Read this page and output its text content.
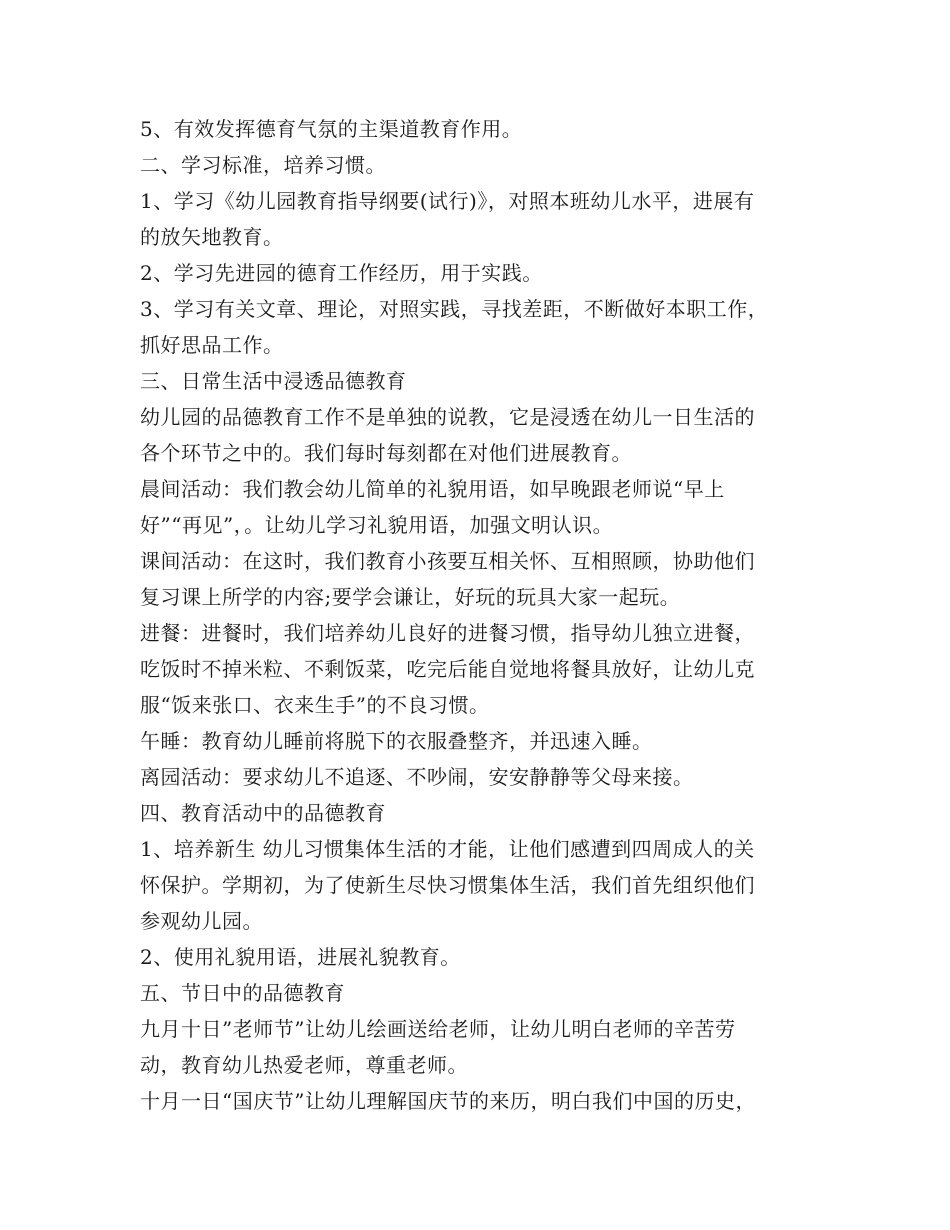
5、有效发挥德育气氛的主渠道教育作用。
二、学习标准，培养习惯。
1、学习《幼儿园教育指导纲要(试行)》，对照本班幼儿水平，进展有
的放矢地教育。
2、学习先进园的德育工作经历，用于实践。
3、学习有关文章、理论，对照实践，寻找差距，不断做好本职工作，
抓好思品工作。
三、日常生活中浸透品德教育
幼儿园的品德教育工作不是单独的说教，它是浸透在幼儿一日生活的
各个环节之中的。我们每时每刻都在对他们进展教育。
晨间活动：我们教会幼儿简单的礼貌用语，如早晚跟老师说“早上
好”“再见”，。让幼儿学习礼貌用语，加强文明认识。
课间活动：在这时，我们教育小孩要互相关怀、互相照顾，协助他们
复习课上所学的内容;要学会谦让，好玩的玩具大家一起玩。
进餐：进餐时，我们培养幼儿良好的进餐习惯，指导幼儿独立进餐，
吃饭时不掉米粒、不剩饭菜，吃完后能自觉地将餐具放好，让幼儿克
服“饭来张口、衣来生手”的不良习惯。
午睡：教育幼儿睡前将脱下的衣服叠整齐，并迅速入睡。
离园活动：要求幼儿不追逐、不吵闹，安安静静等父母来接。
四、教育活动中的品德教育
1、培养新生 幼儿习惯集体生活的才能，让他们感遭到四周成人的关
怀保护。学期初，为了使新生尽快习惯集体生活，我们首先组织他们
参观幼儿园。
2、使用礼貌用语，进展礼貌教育。
五、节日中的品德教育
九月十日”老师节”让幼儿绘画送给老师，让幼儿明白老师的辛苦劳
动，教育幼儿热爱老师，尊重老师。
十月一日“国庆节”让幼儿理解国庆节的来历，明白我们中国的历史，
